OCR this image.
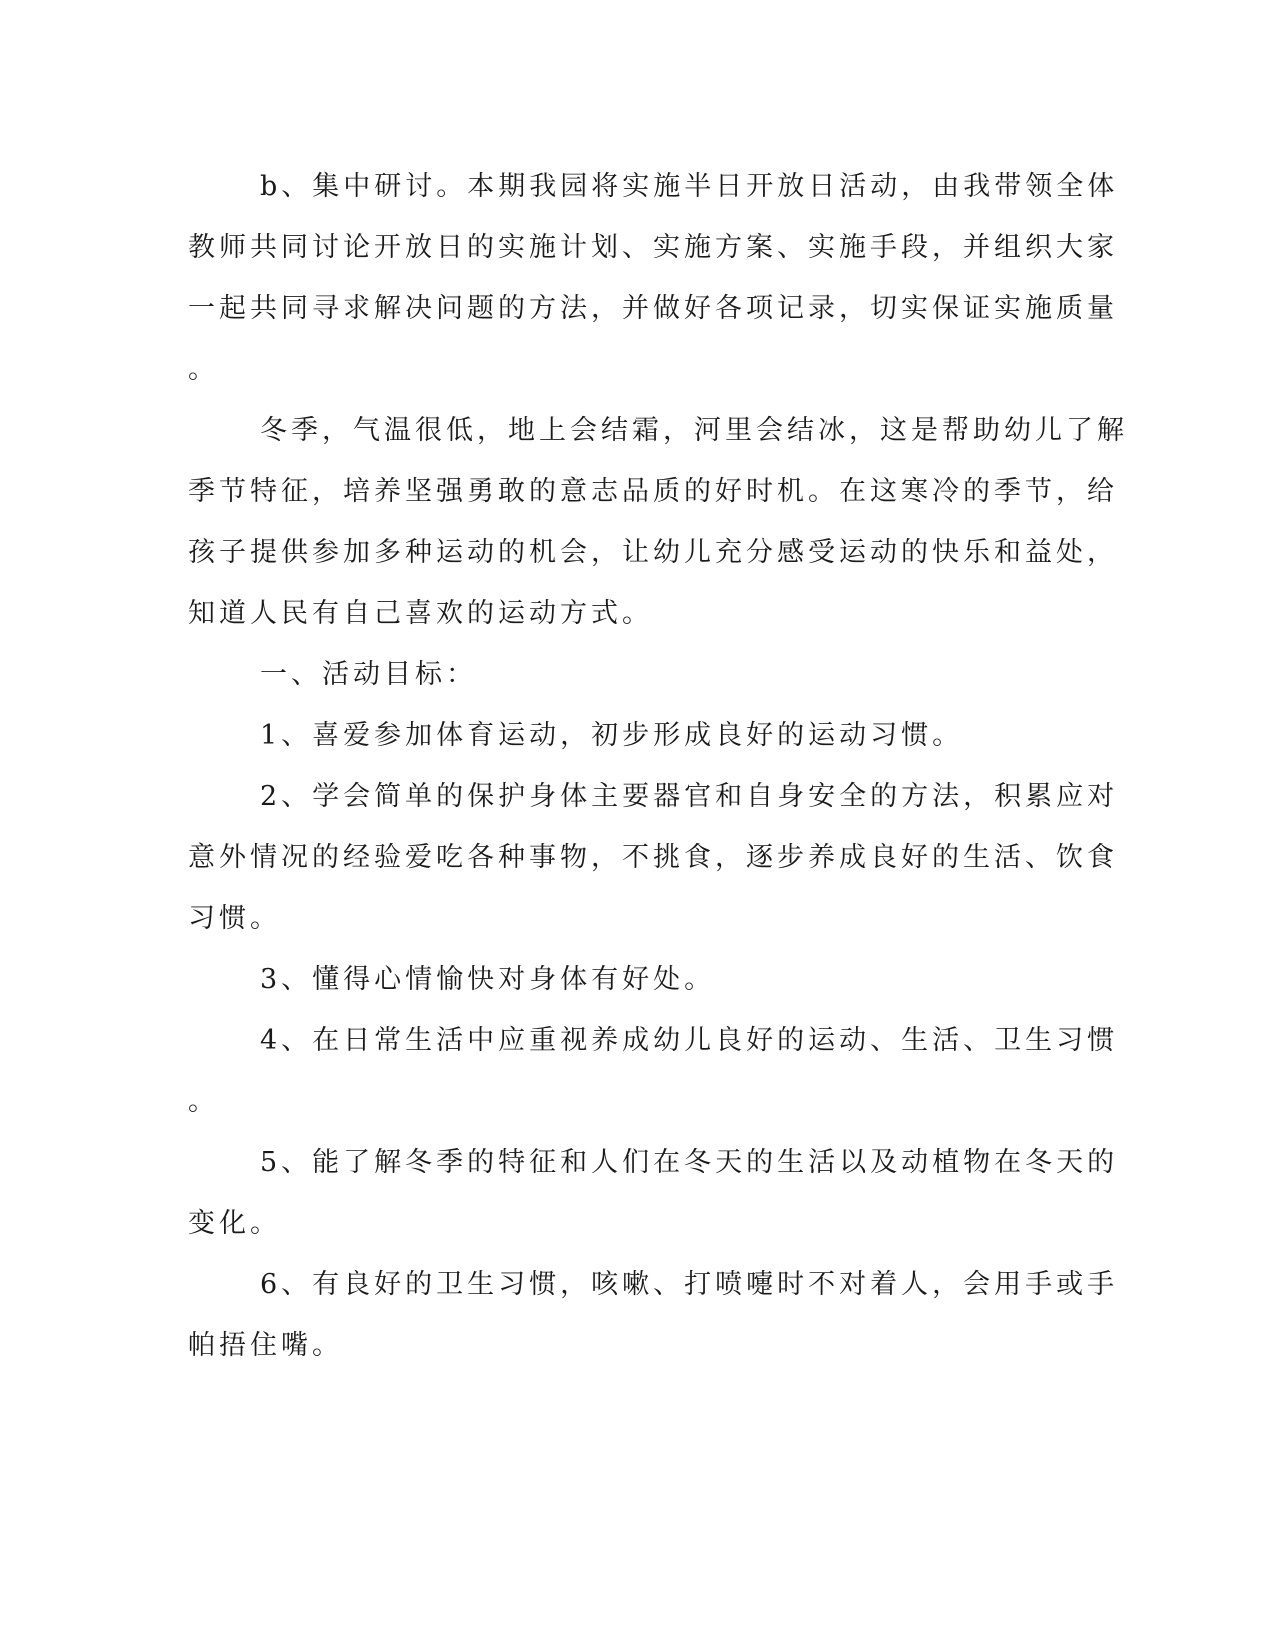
b、集中研讨。本期我园将实施半日开放日活动，由我带领全体
教师共同讨论开放日的实施计划、实施方案、实施手段，并组织大家
一起共同寻求解决问题的方法，并做好各项记录，切实保证实施质量
。
冬季，气温很低，地上会结霜，河里会结冰，这是帮助幼儿了解
季节特征，培养坚强勇敢的意志品质的好时机。在这寒冷的季节，给
孩子提供参加多种运动的机会，让幼儿充分感受运动的快乐和益处，
知道人民有自己喜欢的运动方式。
一、活动目标：
1、喜爱参加体育运动，初步形成良好的运动习惯。
2、学会简单的保护身体主要器官和自身安全的方法，积累应对
意外情况的经验爱吃各种事物，不挑食，逐步养成良好的生活、饮食
习惯。
3、懂得心情愉快对身体有好处。
4、在日常生活中应重视养成幼儿良好的运动、生活、卫生习惯
。
5、能了解冬季的特征和人们在冬天的生活以及动植物在冬天的
变化。
6、有良好的卫生习惯，咳嗽、打喷嚏时不对着人，会用手或手
帕捂住嘴。
